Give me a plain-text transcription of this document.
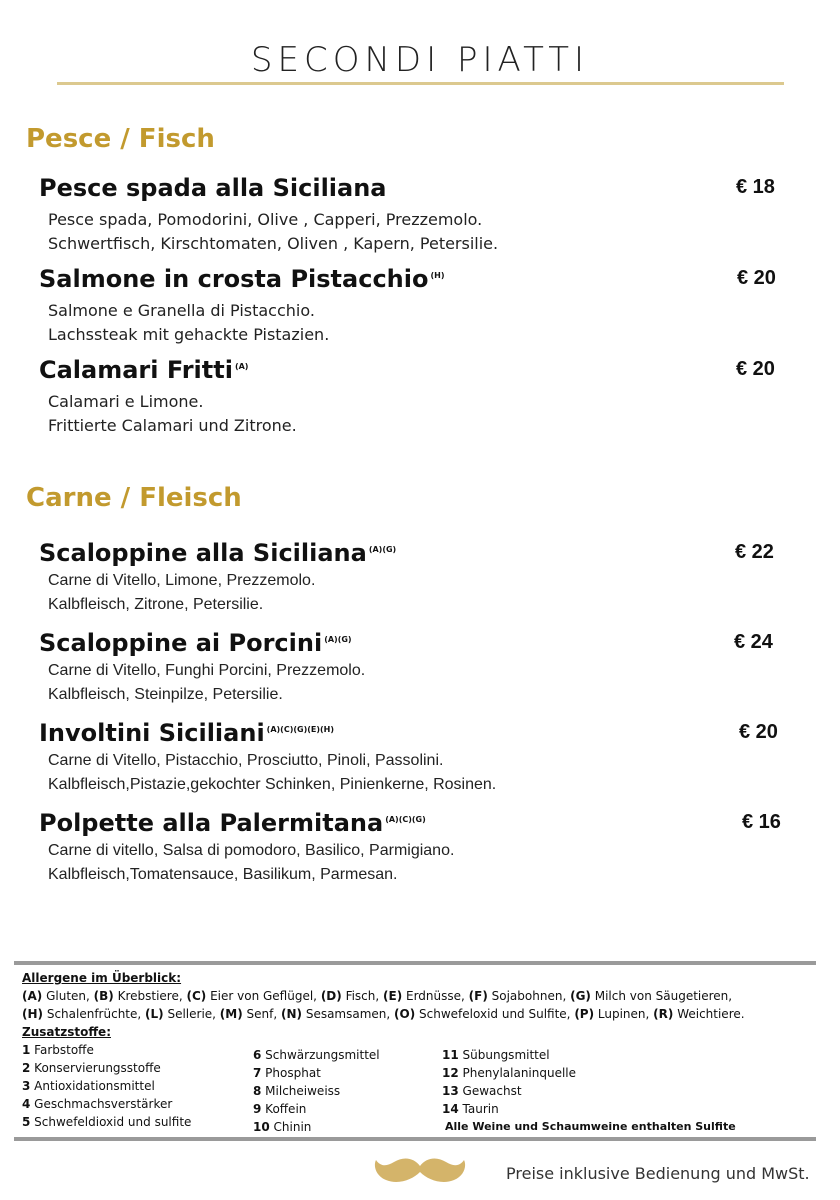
SECONDI PIATTI
Pesce / Fisch
Pesce spada alla Siciliana	€ 18
Pesce spada, Pomodorini, Olive , Capperi, Prezzemolo.
Schwertfisch, Kirschtomaten, Oliven , Kapern, Petersilie.
Salmone in crosta Pistacchio $^{(H)}$	€ 20
Salmone e Granella di Pistacchio.
Lachssteak mit gehackte Pistazien.
Calamari Fritti $^{(A)}$	€ 20
Calamari e Limone.
Frittierte Calamari und Zitrone.
Carne / Fleisch
Scaloppine alla Siciliana $^{(A)(G)}$	€ 22
Carne di Vitello, Limone, Prezzemolo.
Kalbfleisch, Zitrone, Petersilie.
Scaloppine ai Porcini $^{(A)(G)}$	€ 24
Carne di Vitello, Funghi Porcini, Prezzemolo.
Kalbfleisch, Steinpilze, Petersilie.
Involtini Siciliani $^{(A)(C)(G)(E)(H)}$	€ 20
Carne di Vitello, Pistacchio, Prosciutto, Pinoli, Passolini.
Kalbfleisch,Pistazie,gekochter Schinken, Pinienkerne, Rosinen.
Polpette alla Palermitana $^{(A)(C)(G)}$	€ 16
Carne di vitello, Salsa di pomodoro, Basilico, Parmigiano.
Kalbfleisch,Tomatensauce, Basilikum, Parmesan.
Allergene im Überblick:
(A) Gluten, (B) Krebstiere, (C) Eier von Geflügel, (D) Fisch, (E) Erdnüsse, (F) Sojabohnen, (G) Milch von Säugetieren,
(H) Schalenfrüchte, (L) Sellerie, (M) Senf, (N) Sesamsamen, (O) Schwefeloxid und Sulfite, (P) Lupinen, (R) Weichtiere.
Zusatzstoffe:
1 Farbstoffe
2 Konservierungsstoffe
3 Antioxidationsmittel
4 Geschmachsverstärker
5 Schwefeldioxid und sulfite
6 Schwärzungsmittel
7 Phosphat
8 Milcheiweiss
9 Koffein
10 Chinin
11 Sübungsmittel
12 Phenylalaninquelle
13 Gewachst
14 Taurin
Alle Weine und Schaumweine enthalten Sulfite
Preise inklusive Bedienung und MwSt.
